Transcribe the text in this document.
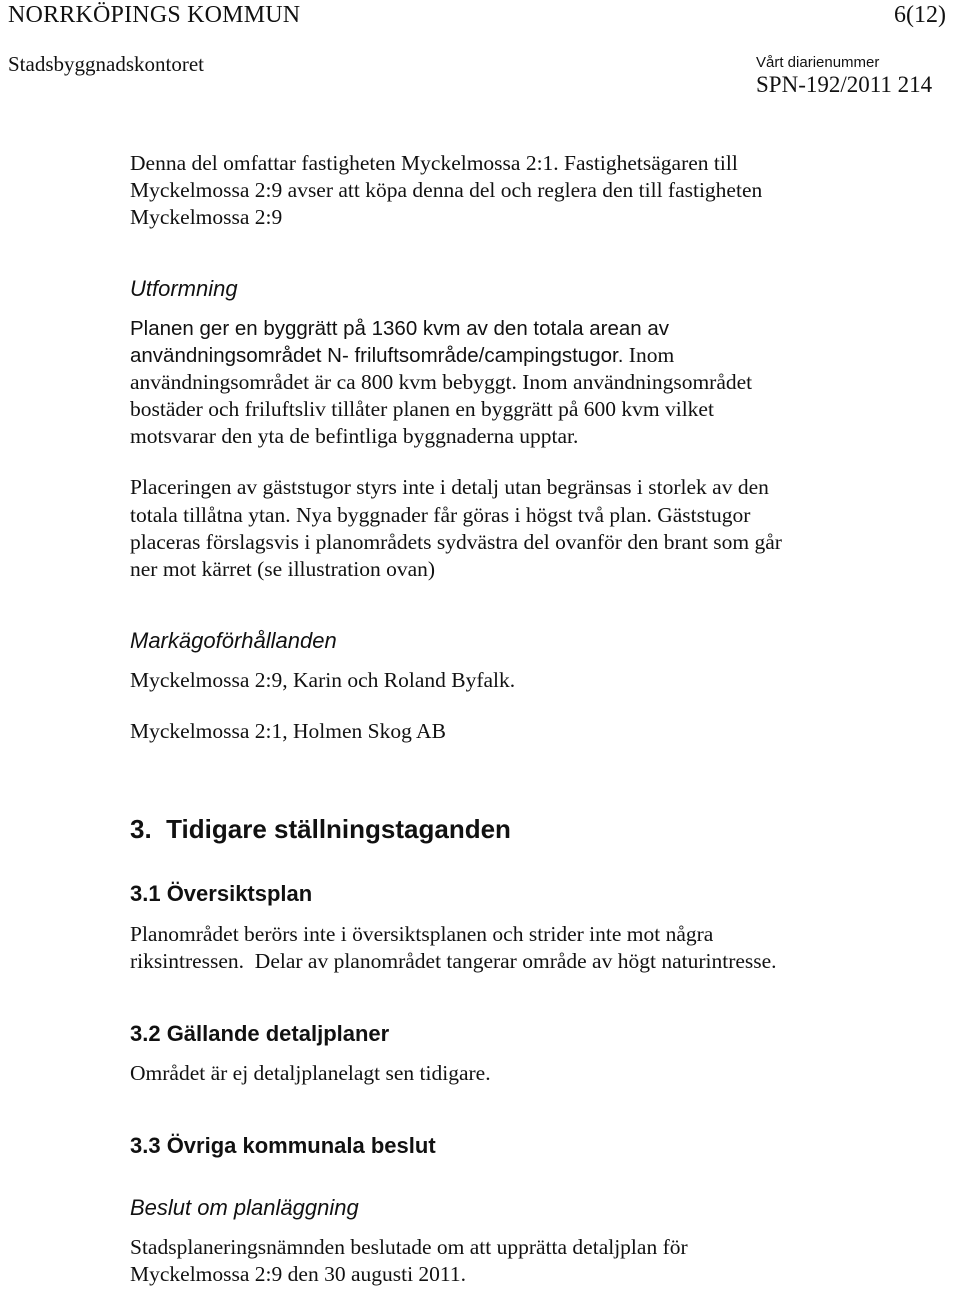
NORRKÖPINGS KOMMUN	6(12)

Stadsbyggnadskontoret	Vårt diarienummer

SPN-192/2011 214

Denna del omfattar fastigheten Myckelmossa 2:1. Fastighetsägaren till

Myckelmossa 2:9 avser att köpa denna del och reglera den till fastigheten

Myckelmossa 2:9

Utformning

Planen ger en byggrätt på 1360 kvm av den totala arean av

användningsområdet N- friluftsområde/campingstugor. Inom

användningsområdet är ca 800 kvm bebyggt. Inom användningsområdet

bostäder och friluftsliv tillåter planen en byggrätt på 600 kvm vilket

motsvarar den yta de befintliga byggnaderna upptar.

Placeringen av gäststugor styrs inte i detalj utan begränsas i storlek av den

totala tillåtna ytan. Nya byggnader får göras i högst två plan. Gäststugor

placeras förslagsvis i planområdets sydvästra del ovanför den brant som går

ner mot kärret (se illustration ovan)

Markägoförhållanden

Myckelmossa 2:9, Karin och Roland Byfalk.

Myckelmossa 2:1, Holmen Skog AB

3.  Tidigare ställningstaganden

3.1 Översiktsplan

Planområdet berörs inte i översiktsplanen och strider inte mot några

riksintressen.  Delar av planområdet tangerar område av högt naturintresse.

3.2 Gällande detaljplaner

Området är ej detaljplanelagt sen tidigare.

3.3 Övriga kommunala beslut

Beslut om planläggning

Stadsplaneringsnämnden beslutade om att upprätta detaljplan för

Myckelmossa 2:9 den 30 augusti 2011.
